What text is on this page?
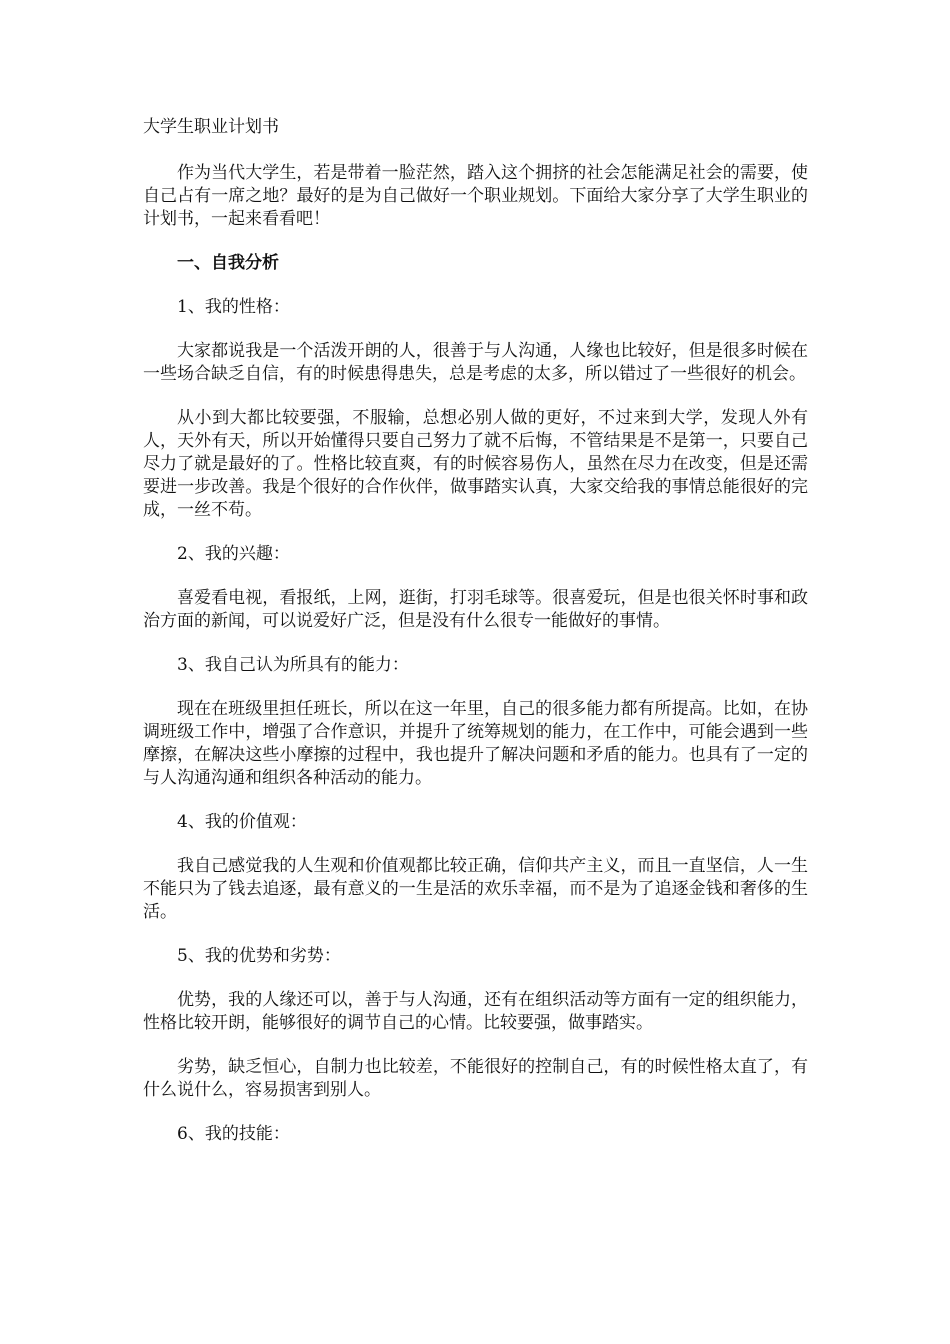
大学生职业计划书

作为当代大学生，若是带着一脸茫然，踏入这个拥挤的社会怎能满足社会的需要，使自己占有一席之地？最好的是为自己做好一个职业规划。下面给大家分享了大学生职业的计划书，一起来看看吧！

一、自我分析

1、我的性格：

大家都说我是一个活泼开朗的人，很善于与人沟通，人缘也比较好，但是很多时候在一些场合缺乏自信，有的时候患得患失，总是考虑的太多，所以错过了一些很好的机会。

从小到大都比较要强，不服输，总想必别人做的更好，不过来到大学，发现人外有人，天外有天，所以开始懂得只要自己努力了就不后悔，不管结果是不是第一，只要自己尽力了就是最好的了。性格比较直爽，有的时候容易伤人，虽然在尽力在改变，但是还需要进一步改善。我是个很好的合作伙伴，做事踏实认真，大家交给我的事情总能很好的完成，一丝不苟。

2、我的兴趣：

喜爱看电视，看报纸，上网，逛街，打羽毛球等。很喜爱玩，但是也很关怀时事和政治方面的新闻，可以说爱好广泛，但是没有什么很专一能做好的事情。

3、我自己认为所具有的能力：

现在在班级里担任班长，所以在这一年里，自己的很多能力都有所提高。比如，在协调班级工作中，增强了合作意识，并提升了统筹规划的能力，在工作中，可能会遇到一些摩擦，在解决这些小摩擦的过程中，我也提升了解决问题和矛盾的能力。也具有了一定的与人沟通沟通和组织各种活动的能力。

4、我的价值观：

我自己感觉我的人生观和价值观都比较正确，信仰共产主义，而且一直坚信，人一生不能只为了钱去追逐，最有意义的一生是活的欢乐幸福，而不是为了追逐金钱和奢侈的生活。

5、我的优势和劣势：

优势，我的人缘还可以，善于与人沟通，还有在组织活动等方面有一定的组织能力，性格比较开朗，能够很好的调节自己的心情。比较要强，做事踏实。

劣势，缺乏恒心，自制力也比较差，不能很好的控制自己，有的时候性格太直了，有什么说什么，容易损害到别人。

6、我的技能：
